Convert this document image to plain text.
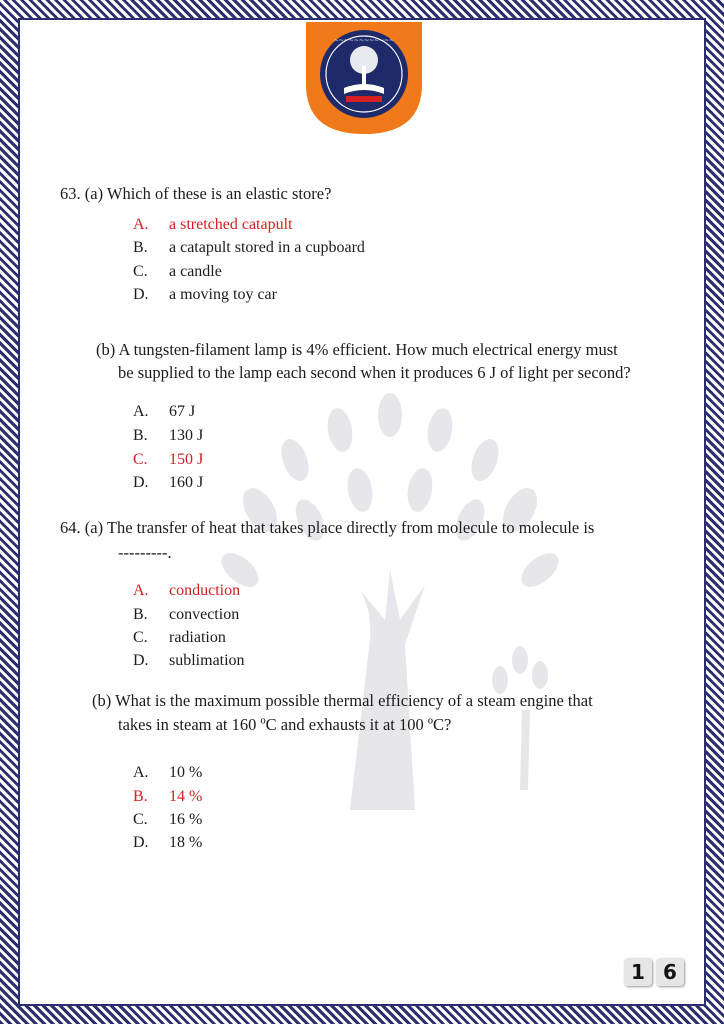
~~~~~~~~~~~~

63. (a) Which of these is an elastic store?

A. a stretched catapult
B. a catapult stored in a cupboard
C. a candle
D. a moving toy car

(b) A tungsten-filament lamp is 4% efficient. How much electrical energy must

be supplied to the lamp each second when it produces 6 J of light per second?

A. 67 J
B. 130 J
C. 150 J
D. 160 J

64. (a) The transfer of heat that takes place directly from molecule to molecule is

---------.

A. conduction
B. convection
C. radiation
D. sublimation

(b) What is the maximum possible thermal efficiency of a steam engine that

takes in steam at 160 ºC and exhausts it at 100 ºC?

A. 10 %
B. 14 %
C. 16 %
D. 18 %
1 6
